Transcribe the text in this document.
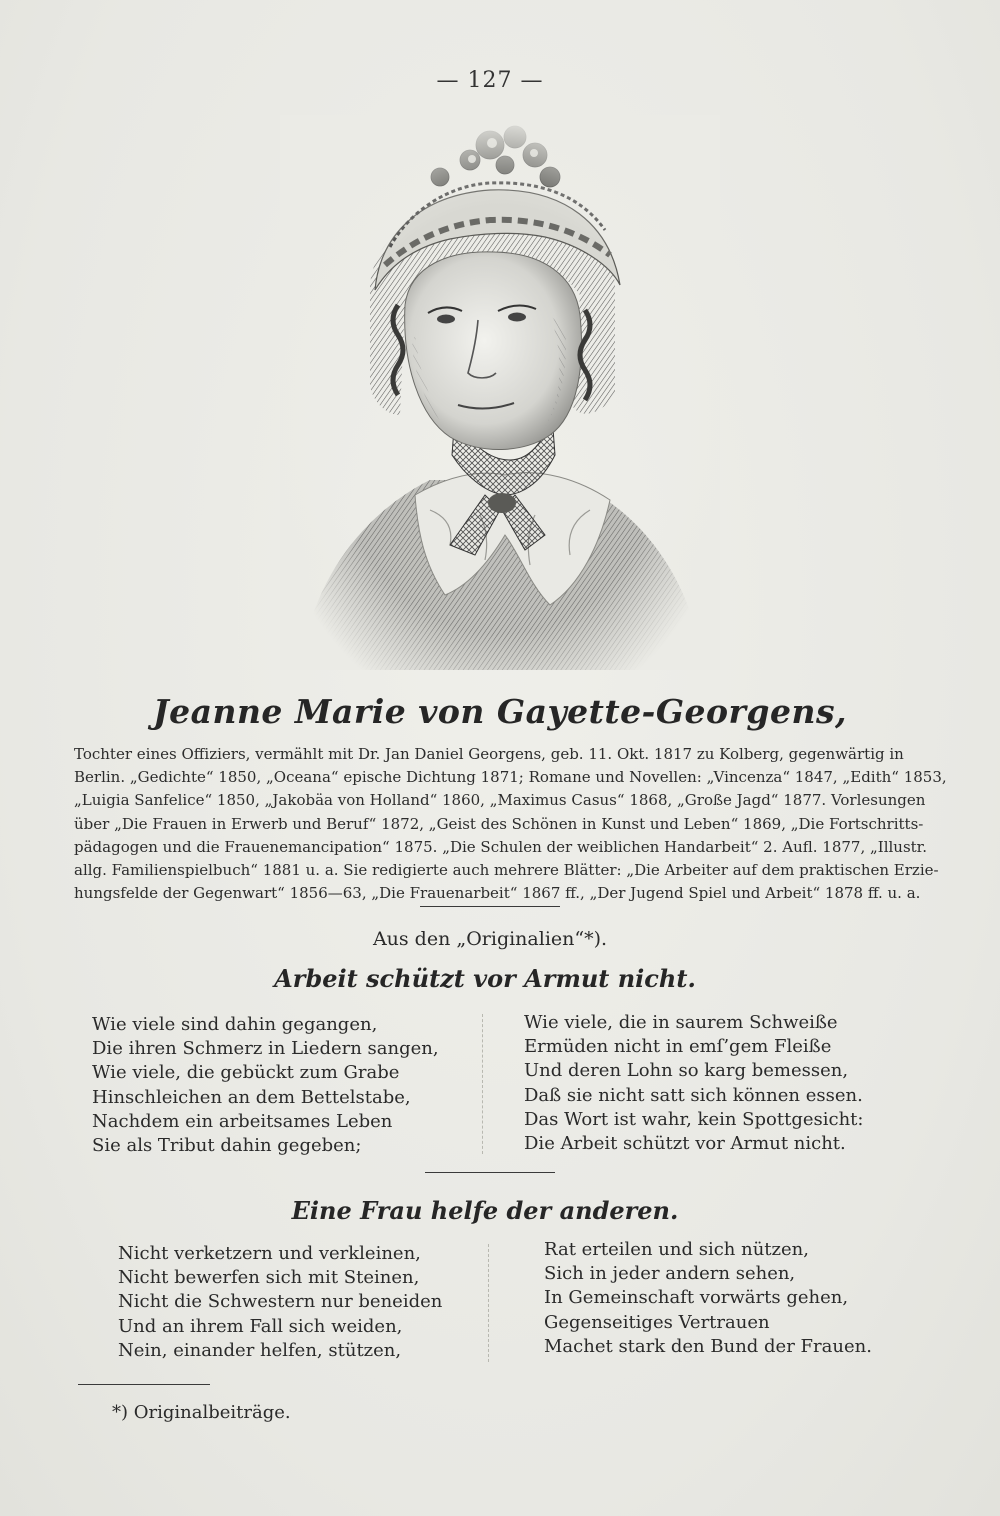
— 127 —
Jeanne Marie von Gayette-Georgens,
Tochter eines Offiziers, vermählt mit Dr. Jan Daniel Georgens, geb. 11. Okt. 1817 zu Kolberg, gegenwärtig in
Berlin. „Gedichte“ 1850, „Oceana“ epische Dichtung 1871; Romane und Novellen: „Vincenza“ 1847, „Edith“ 1853,
„Luigia Sanfelice“ 1850, „Jakobäa von Holland“ 1860, „Maximus Casus“ 1868, „Große Jagd“ 1877. Vorlesungen
über „Die Frauen in Erwerb und Beruf“ 1872, „Geist des Schönen in Kunst und Leben“ 1869, „Die Fortschritts-
pädagogen und die Frauenemancipation“ 1875. „Die Schulen der weiblichen Handarbeit“ 2. Aufl. 1877, „Illustr.
allg. Familienspielbuch“ 1881 u. a. Sie redigierte auch mehrere Blätter: „Die Arbeiter auf dem praktischen Erzie-
hungsfelde der Gegenwart“ 1856—63, „Die Frauenarbeit“ 1867 ff., „Der Jugend Spiel und Arbeit“ 1878 ff. u. a.
Aus den „Originalien“*).
Arbeit schützt vor Armut nicht.
Wie viele sind dahin gegangen,
Die ihren Schmerz in Liedern sangen,
Wie viele, die gebückt zum Grabe
Hinschleichen an dem Bettelstabe,
Nachdem ein arbeitsames Leben
Sie als Tribut dahin gegeben;
Wie viele, die in saurem Schweiße
Ermüden nicht in emſ’gem Fleiße
Und deren Lohn so karg bemessen,
Daß sie nicht satt sich können essen.
Das Wort ist wahr, kein Spottgesicht:
Die Arbeit schützt vor Armut nicht.
Eine Frau helfe der anderen.
Nicht verketzern und verkleinen,
Nicht bewerfen sich mit Steinen,
Nicht die Schwestern nur beneiden
Und an ihrem Fall sich weiden,
Nein, einander helfen, stützen,
Rat erteilen und sich nützen,
Sich in jeder andern sehen,
In Gemeinschaft vorwärts gehen,
Gegenseitiges Vertrauen
Machet stark den Bund der Frauen.
*) Originalbeiträge.
